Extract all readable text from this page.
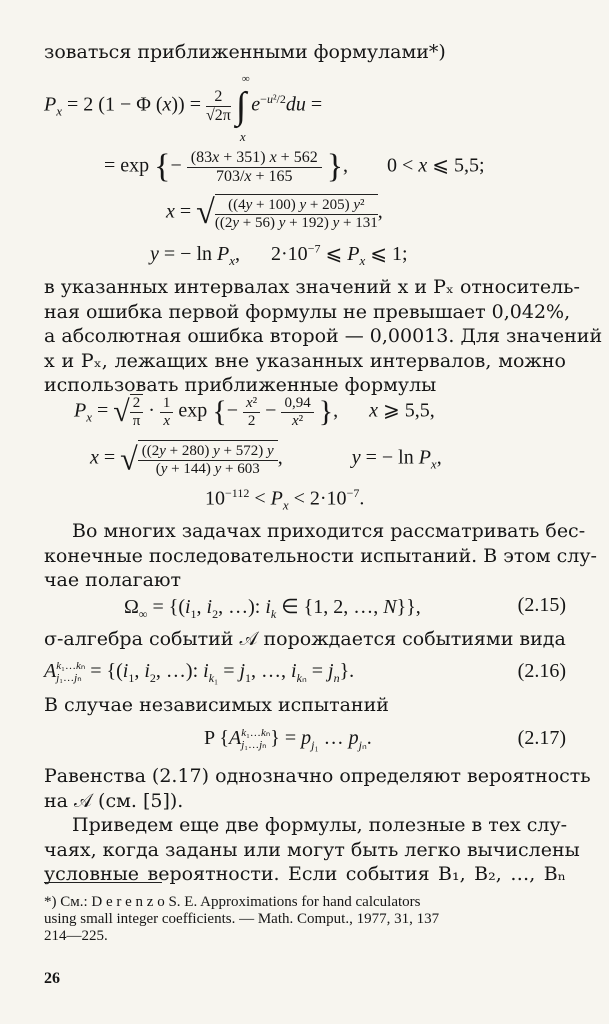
зоваться приближенными формулами*)
$P_x = 2$ (1 − Φ $(x)) = \frac{2}{√2\pi}$ ∫
∞
x
$e^{-u^2/2}du$ =
= exp {− $\frac{(83x + 351) x + 562}{703/x + 165}$ }, 0 < x ⩽ 5,5;
x = √ $\frac{\text{((4y + 100) y + 205) y²}}{((2y + 56) y + 192) y + 131}$ ,
y = − $\ln P_x$, $2\cdot 10^{-7}$ ⩽ $P_x$ ⩽ 1;
в указанных интервалах значений x и Pₓ относитель-
ная ошибка первой формулы не превышает 0,042%,
а абсолютная ошибка второй — 0,00013. Для значений
x и Pₓ, лежащих вне указанных интервалов, можно
использовать приближенные формулы
$P_x$ = √ $\frac{2}{\pi} \cdot \frac{1}{x}$ exp {− $\frac{\text{x²}}{2} - \frac{0,94}{\text{x²}}$ }, x ⩾ 5,5,
x = √ $\frac{((2y + 280) y + 572) y}{(y + 144) y + 603}$ ,	y = − $\ln P_x$,
$10^{-112} < P_x < 2\cdot 10^{-7}$.
Во многих задачах приходится рассматривать бес-
конечные последовательности испытаний. В этом слу-
чае полагают
$\Omega_\infty = \{(i_1$, $i_2$, …): $i_k$ ∈ {1, 2, …, N}},	(2.15)
σ-алгебра событий 𝒜 порождается событиями вида
A k₁…kₙ
j₁…jₙ = {($i_1$, $i_2$, …): $i_{k_1} = j_1$, …, $i_{k_n} = j_n$}.	(2.16)
В случае независимых испытаний
P {A k₁…kₙ
j₁…jₙ } = $p_{j_1}$ … $p_{j_n}$.	(2.17)
Равенства (2.17) однозначно определяют вероятность
на 𝒜 (см. [5]).
Приведем еще две формулы, полезные в тех слу-
чаях, когда заданы или могут быть легко вычислены
условные вероятности. Если события B₁, B₂, …, Bₙ
*) См.: D e r e n z o S. E. Approximations for hand calculators
using small integer coefficients. — Math. Comput., 1977, 31, 137
214—225.
26
